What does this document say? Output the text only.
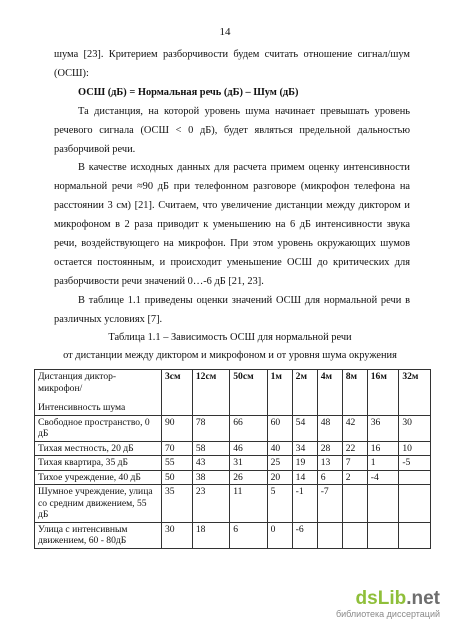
14

шума [23]. Критерием разборчивости будем считать отношение сигнал/шум (ОСШ):

ОСШ (дБ) = Нормальная речь (дБ) – Шум (дБ)

Та дистанция, на которой уровень шума начинает превышать уровень речевого сигнала (ОСШ < 0 дБ), будет являться предельной дальностью разборчивой речи.

В качестве исходных данных для расчета примем оценку интенсивности нормальной речи ≈90 дБ при телефонном разговоре (микрофон телефона на расстоянии 3 см) [21]. Считаем, что увеличение дистанции между диктором и микрофоном в 2 раза приводит к уменьшению на 6 дБ интенсивности звука речи, воздействующего на микрофон. При этом уровень окружающих шумов остается постоянным, и происходит уменьшение ОСШ до критических для разборчивости речи значений 0…-6 дБ [21, 23].

В таблице 1.1 приведены оценки значений ОСШ для нормальной речи в различных условиях [7].

Таблица 1.1 – Зависимость ОСШ для нормальной речи
от дистанции между диктором и микрофоном и от уровня шума окружения
Дистанция диктор-микрофон/
Интенсивность шума	3см	12см	50см	1м	2м	4м	8м	16м	32м
Свободное пространство, 0 дБ	90	78	66	60	54	48	42	36	30
Тихая местность, 20 дБ	70	58	46	40	34	28	22	16	10
Тихая квартира, 35 дБ	55	43	31	25	19	13	7	1	-5
Тихое учреждение, 40 дБ	50	38	26	20	14	6	2	-4	
Шумное учреждение, улица со средним движением, 55 дБ	35	23	11	5	-1	-7			
Улица с интенсивным движением, 60 - 80дБ	30	18	6	0	-6				
dsLib.net
библиотека диссертаций
